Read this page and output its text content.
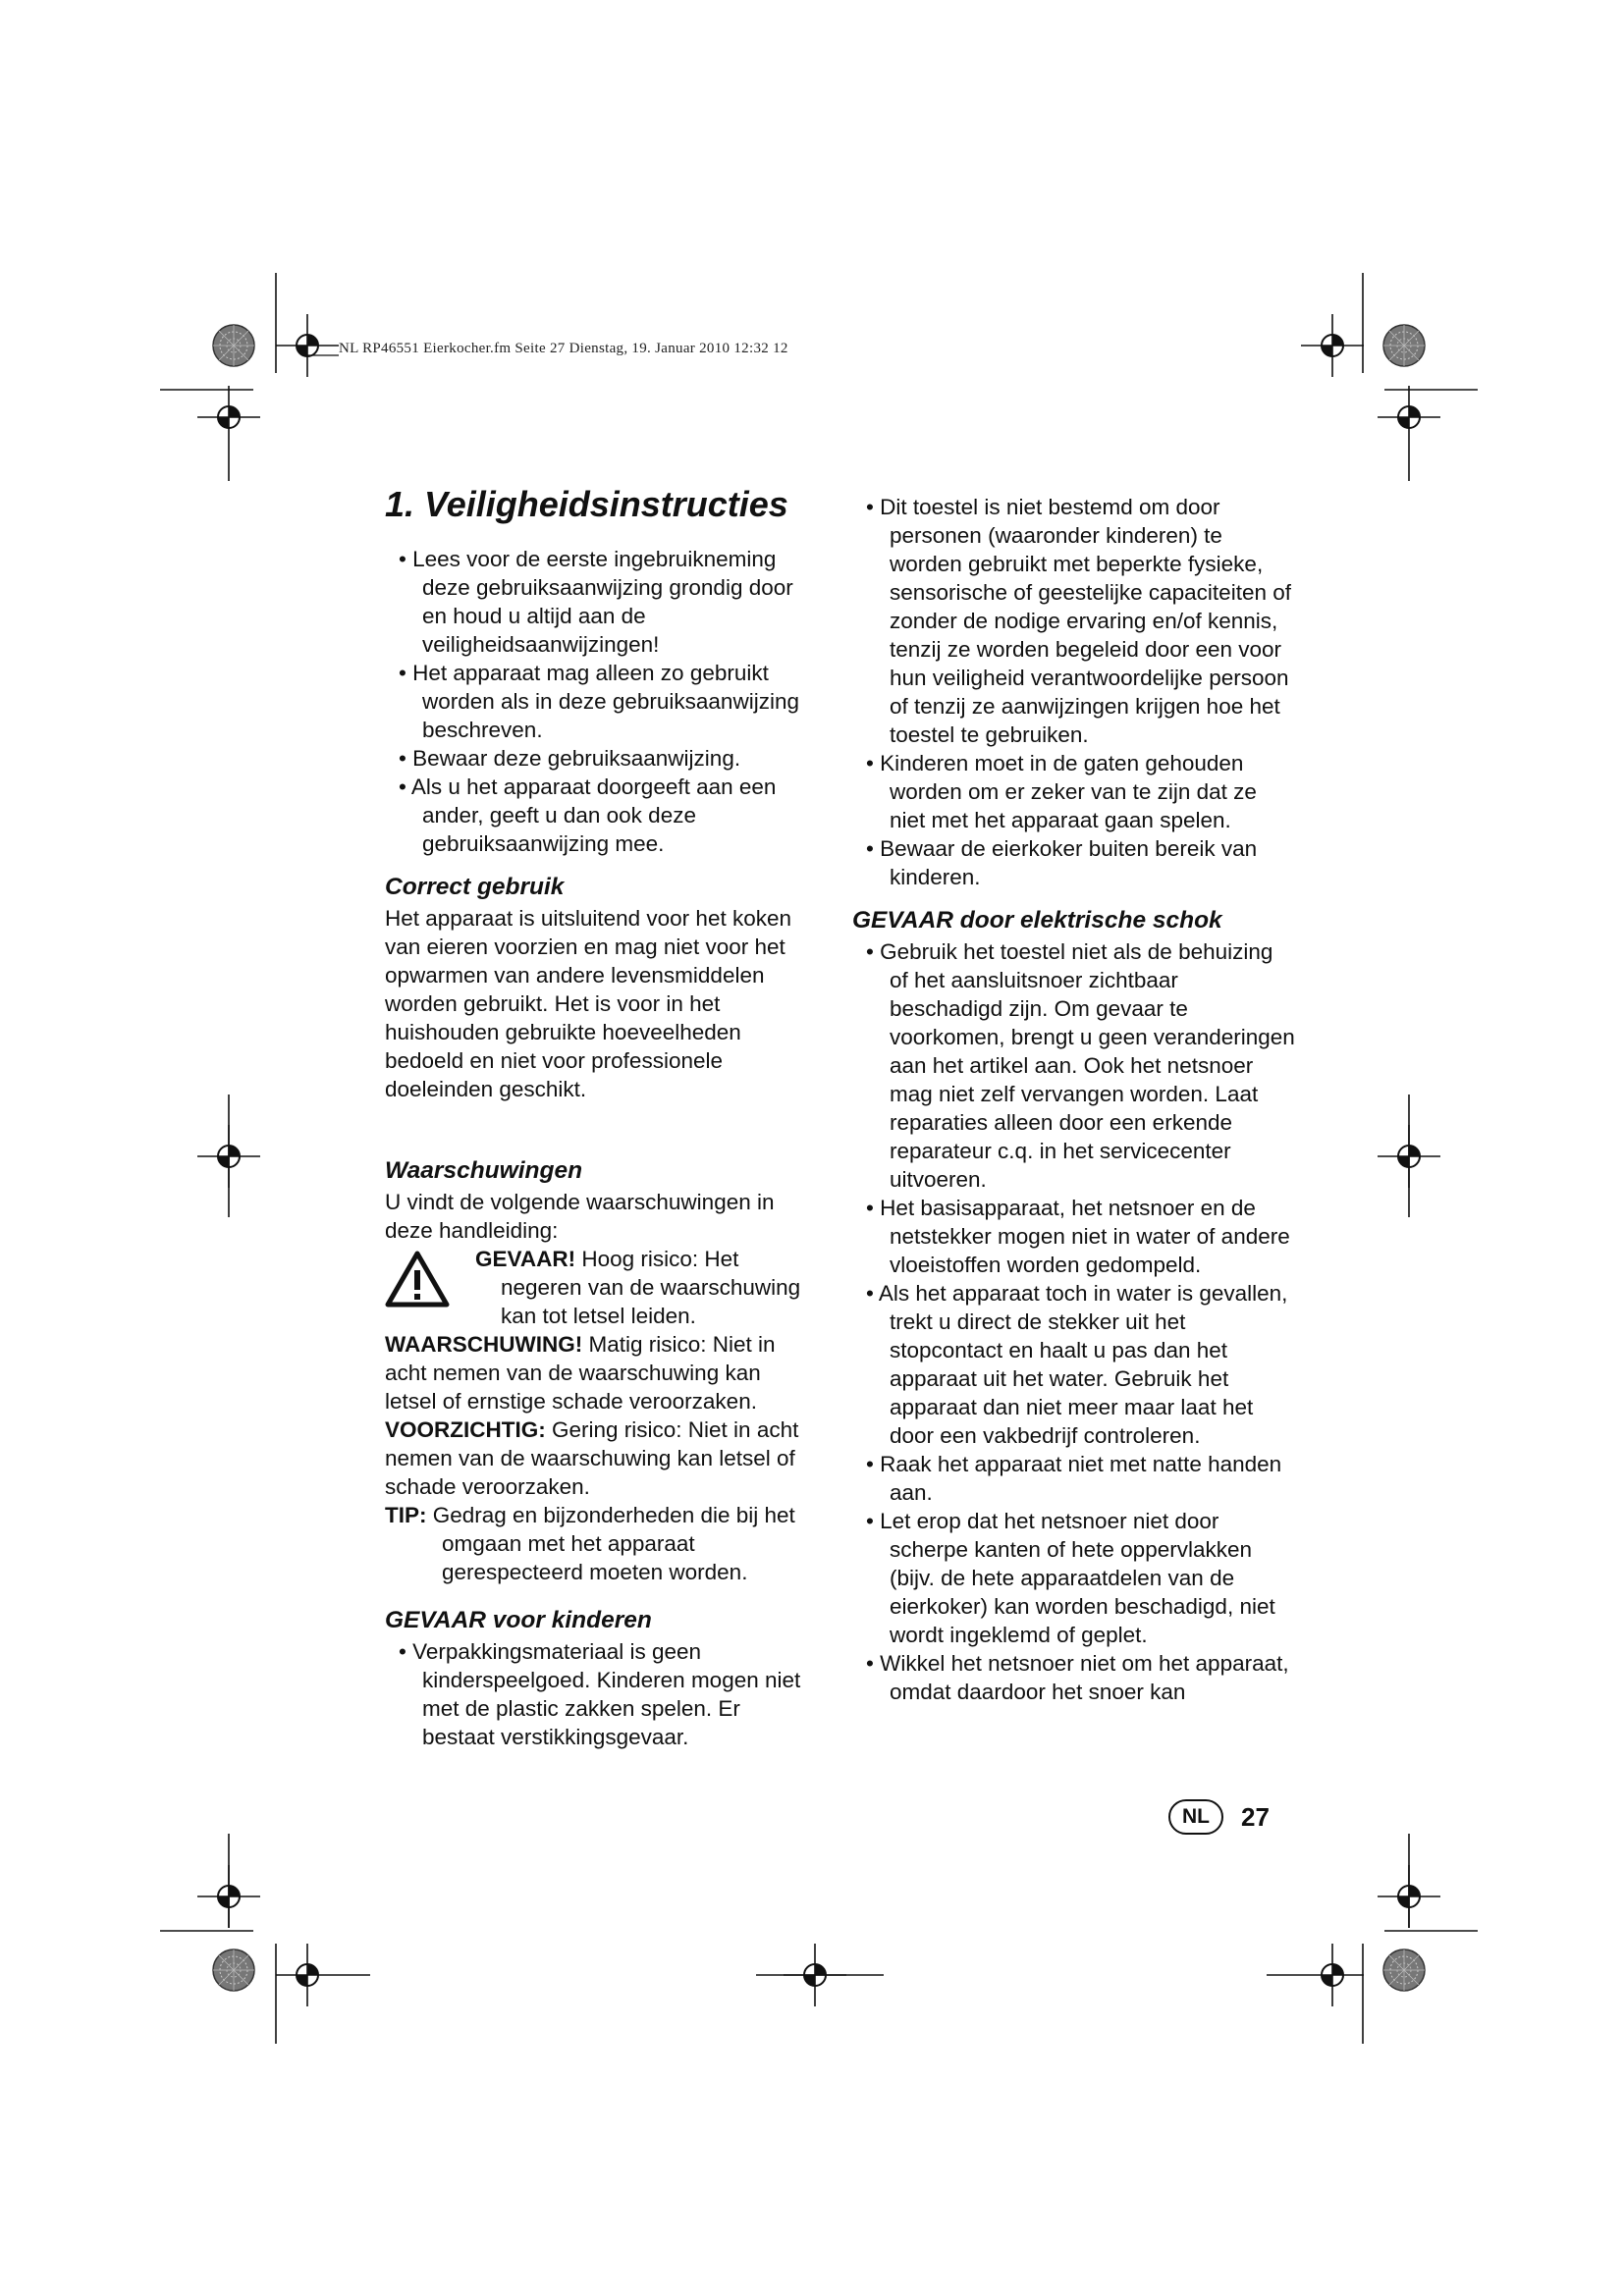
NL RP46551 Eierkocher.fm Seite 27 Dienstag, 19. Januar 2010 12:32 12
1. Veiligheidsinstructies
• Lees voor de eerste ingebruikneming deze gebruiksaanwijzing grondig door en houd u altijd aan de veiligheidsaanwijzingen!
• Het apparaat mag alleen zo gebruikt worden als in deze gebruiksaanwijzing beschreven.
• Bewaar deze gebruiksaanwijzing.
• Als u het apparaat doorgeeft aan een ander, geeft u dan ook deze gebruiksaanwijzing mee.
Correct gebruik

Het apparaat is uitsluitend voor het koken van eieren voorzien en mag niet voor het opwarmen van andere levensmiddelen worden gebruikt. Het is voor in het huishouden gebruikte hoeveelheden bedoeld en niet voor professionele doeleinden geschikt.

Waarschuwingen

U vindt de volgende waarschuwingen in deze handleiding:

GEVAAR! Hoog risico: Het negeren van de waarschuwing kan tot letsel leiden.

WAARSCHUWING! Matig risico: Niet in acht nemen van de waarschuwing kan letsel of ernstige schade veroorzaken.

VOORZICHTIG: Gering risico: Niet in acht nemen van de waarschuwing kan letsel of schade veroorzaken.

TIP: Gedrag en bijzonderheden die bij het omgaan met het apparaat gerespecteerd moeten worden.

GEVAAR voor kinderen
• Verpakkingsmateriaal is geen kinderspeelgoed. Kinderen mogen niet met de plastic zakken spelen. Er bestaat verstikkingsgevaar.
• Dit toestel is niet bestemd om door personen (waaronder kinderen) te worden gebruikt met beperkte fysieke, sensorische of geestelijke capaciteiten of zonder de nodige ervaring en/of kennis, tenzij ze worden begeleid door een voor hun veiligheid verantwoordelijke persoon of tenzij ze aanwijzingen krijgen hoe het toestel te gebruiken.
• Kinderen moet in de gaten gehouden worden om er zeker van te zijn dat ze niet met het apparaat gaan spelen.
• Bewaar de eierkoker buiten bereik van kinderen.
GEVAAR door elektrische schok
• Gebruik het toestel niet als de behuizing of het aansluitsnoer zichtbaar beschadigd zijn. Om gevaar te voorkomen, brengt u geen veranderingen aan het artikel aan. Ook het netsnoer mag niet zelf vervangen worden. Laat reparaties alleen door een erkende reparateur c.q. in het servicecenter uitvoeren.
• Het basisapparaat, het netsnoer en de netstekker mogen niet in water of andere vloeistoffen worden gedompeld.
• Als het apparaat toch in water is gevallen, trekt u direct de stekker uit het stopcontact en haalt u pas dan het apparaat uit het water. Gebruik het apparaat dan niet meer maar laat het door een vakbedrijf controleren.
• Raak het apparaat niet met natte handen aan.
• Let erop dat het netsnoer niet door scherpe kanten of hete oppervlakken (bijv. de hete apparaatdelen van de eierkoker) kan worden beschadigd, niet wordt ingeklemd of geplet.
• Wikkel het netsnoer niet om het apparaat, omdat daardoor het snoer kan
NL	27
